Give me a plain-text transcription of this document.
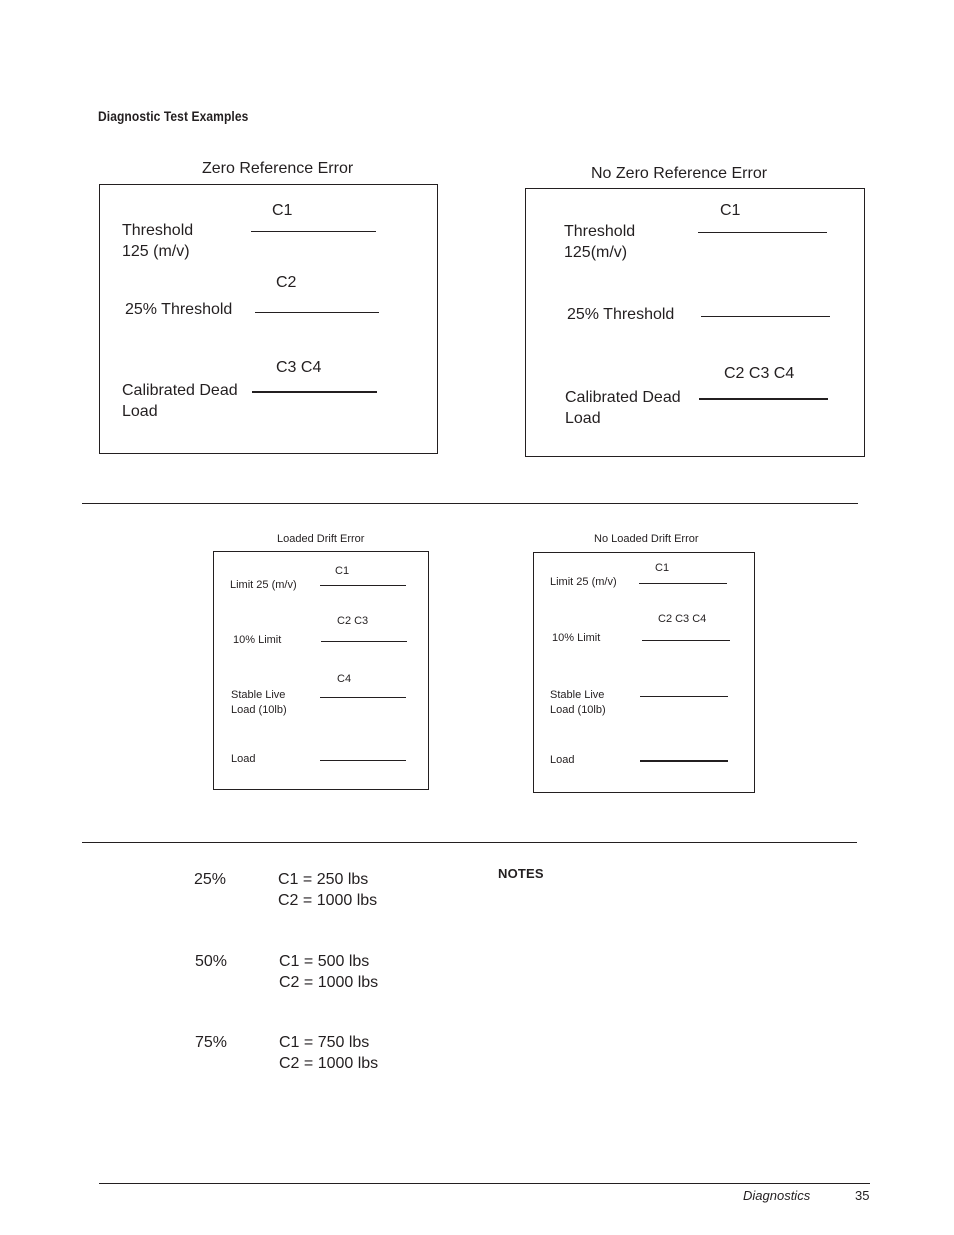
Diagnostic Test Examples
Zero Reference Error
C1
Threshold
125 (m/v)
C2
25% Threshold
C3 C4
Calibrated Dead
Load
No Zero Reference Error
C1
Threshold
125(m/v)
25% Threshold
C2 C3 C4
Calibrated Dead
Load
Loaded Drift Error
C1
Limit 25 (m/v)
C2 C3
10% Limit
C4
Stable Live
Load (10lb)
Load
No Loaded Drift Error
C1
Limit 25 (m/v)
C2 C3 C4
10% Limit
Stable Live
Load (10lb)
Load
25%	C1 = 250 lbs
C2 = 1000 lbs
50%	C1 = 500 lbs
C2 = 1000 lbs
75%	C1 = 750 lbs
C2 = 1000 lbs
NOTES
Diagnostics	35
